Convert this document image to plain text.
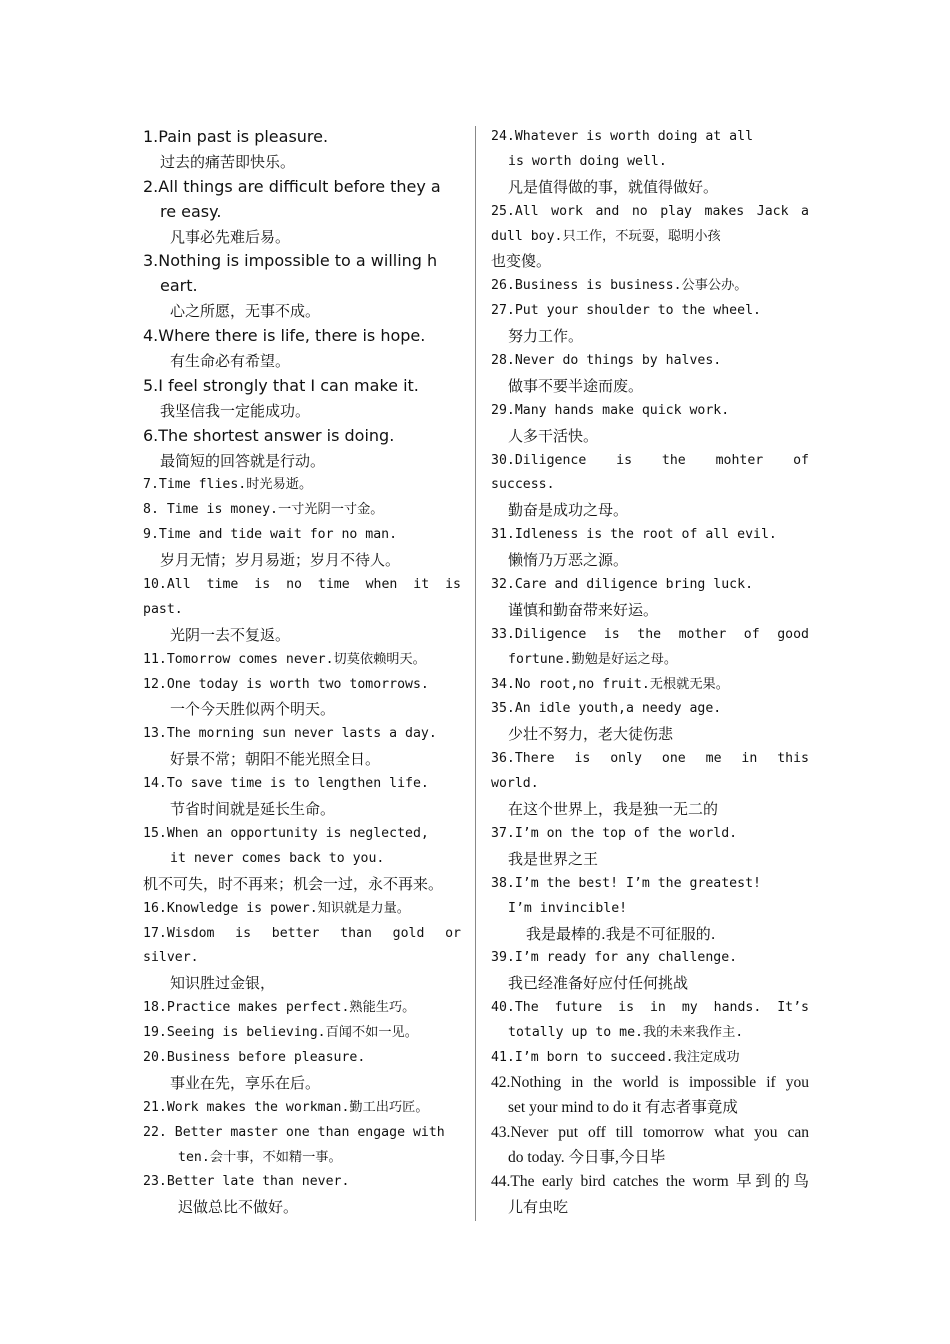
1.Pain past is pleasure.
过去的痛苦即快乐。
2.All things are difficult before they a
re easy.
凡事必先难后易。
3.Nothing is impossible to a willing h
eart.
心之所愿，无事不成。
4.Where there is life, there is hope.
有生命必有希望。
5.I feel strongly that I can make it.
我坚信我一定能成功。
6.The shortest answer is doing.
最简短的回答就是行动。
7.Time flies.时光易逝。
8. Time is money.一寸光阴一寸金。
9.Time and tide wait for no man.
岁月无情；岁月易逝；岁月不待人。
10.All time is no time when it is
past.
光阴一去不复返。
11.Tomorrow comes never.切莫依赖明天。
12.One today is worth two tomorrows.
一个今天胜似两个明天。
13.The morning sun never lasts a day.
好景不常；朝阳不能光照全日。
14.To save time is to lengthen life.
节省时间就是延长生命。
15.When an opportunity is neglected,
it never comes back to you.
机不可失，时不再来；机会一过，永不再来。
16.Knowledge is power.知识就是力量。
17.Wisdom is better than gold or
silver.
知识胜过金银，
18.Practice makes perfect.熟能生巧。
19.Seeing is believing.百闻不如一见。
20.Business before pleasure.
事业在先，享乐在后。
21.Work makes the workman.勤工出巧匠。
22. Better master one than engage with
ten.会十事，不如精一事。
23.Better late than never.
迟做总比不做好。
24.Whatever is worth doing at all
is worth doing well.
凡是值得做的事，就值得做好。
25.All work and no play makes Jack a
dull boy.只工作，不玩耍，聪明小孩
也变傻。
26.Business is business.公事公办。
27.Put your shoulder to the wheel.
努力工作。
28.Never do things by halves.
做事不要半途而废。
29.Many hands make quick work.
人多干活快。
30.Diligence is the mohter of
success.
勤奋是成功之母。
31.Idleness is the root of all evil.
懒惰乃万恶之源。
32.Care and diligence bring luck.
谨慎和勤奋带来好运。
33.Diligence is the mother of good
fortune.勤勉是好运之母。
34.No root,no fruit.无根就无果。
35.An idle youth,a needy age.
少壮不努力，老大徒伤悲
36.There is only one me in this
world.
在这个世界上，我是独一无二的
37.I’m on the top of the world.
我是世界之王
38.I’m the best! I’m the greatest!
I’m invincible!
我是最棒的.我是不可征服的.
39.I’m ready for any challenge.
我已经准备好应付任何挑战
40.The future is in my hands. It’s
totally up to me.我的未来我作主.
41.I’m born to succeed.我注定成功
42.Nothing in the world is impossible if you
set your mind to do it 有志者事竟成
43.Never put off till tomorrow what you can
do today. 今日事,今日毕
44.The early bird catches the worm 早到的鸟
儿有虫吃
